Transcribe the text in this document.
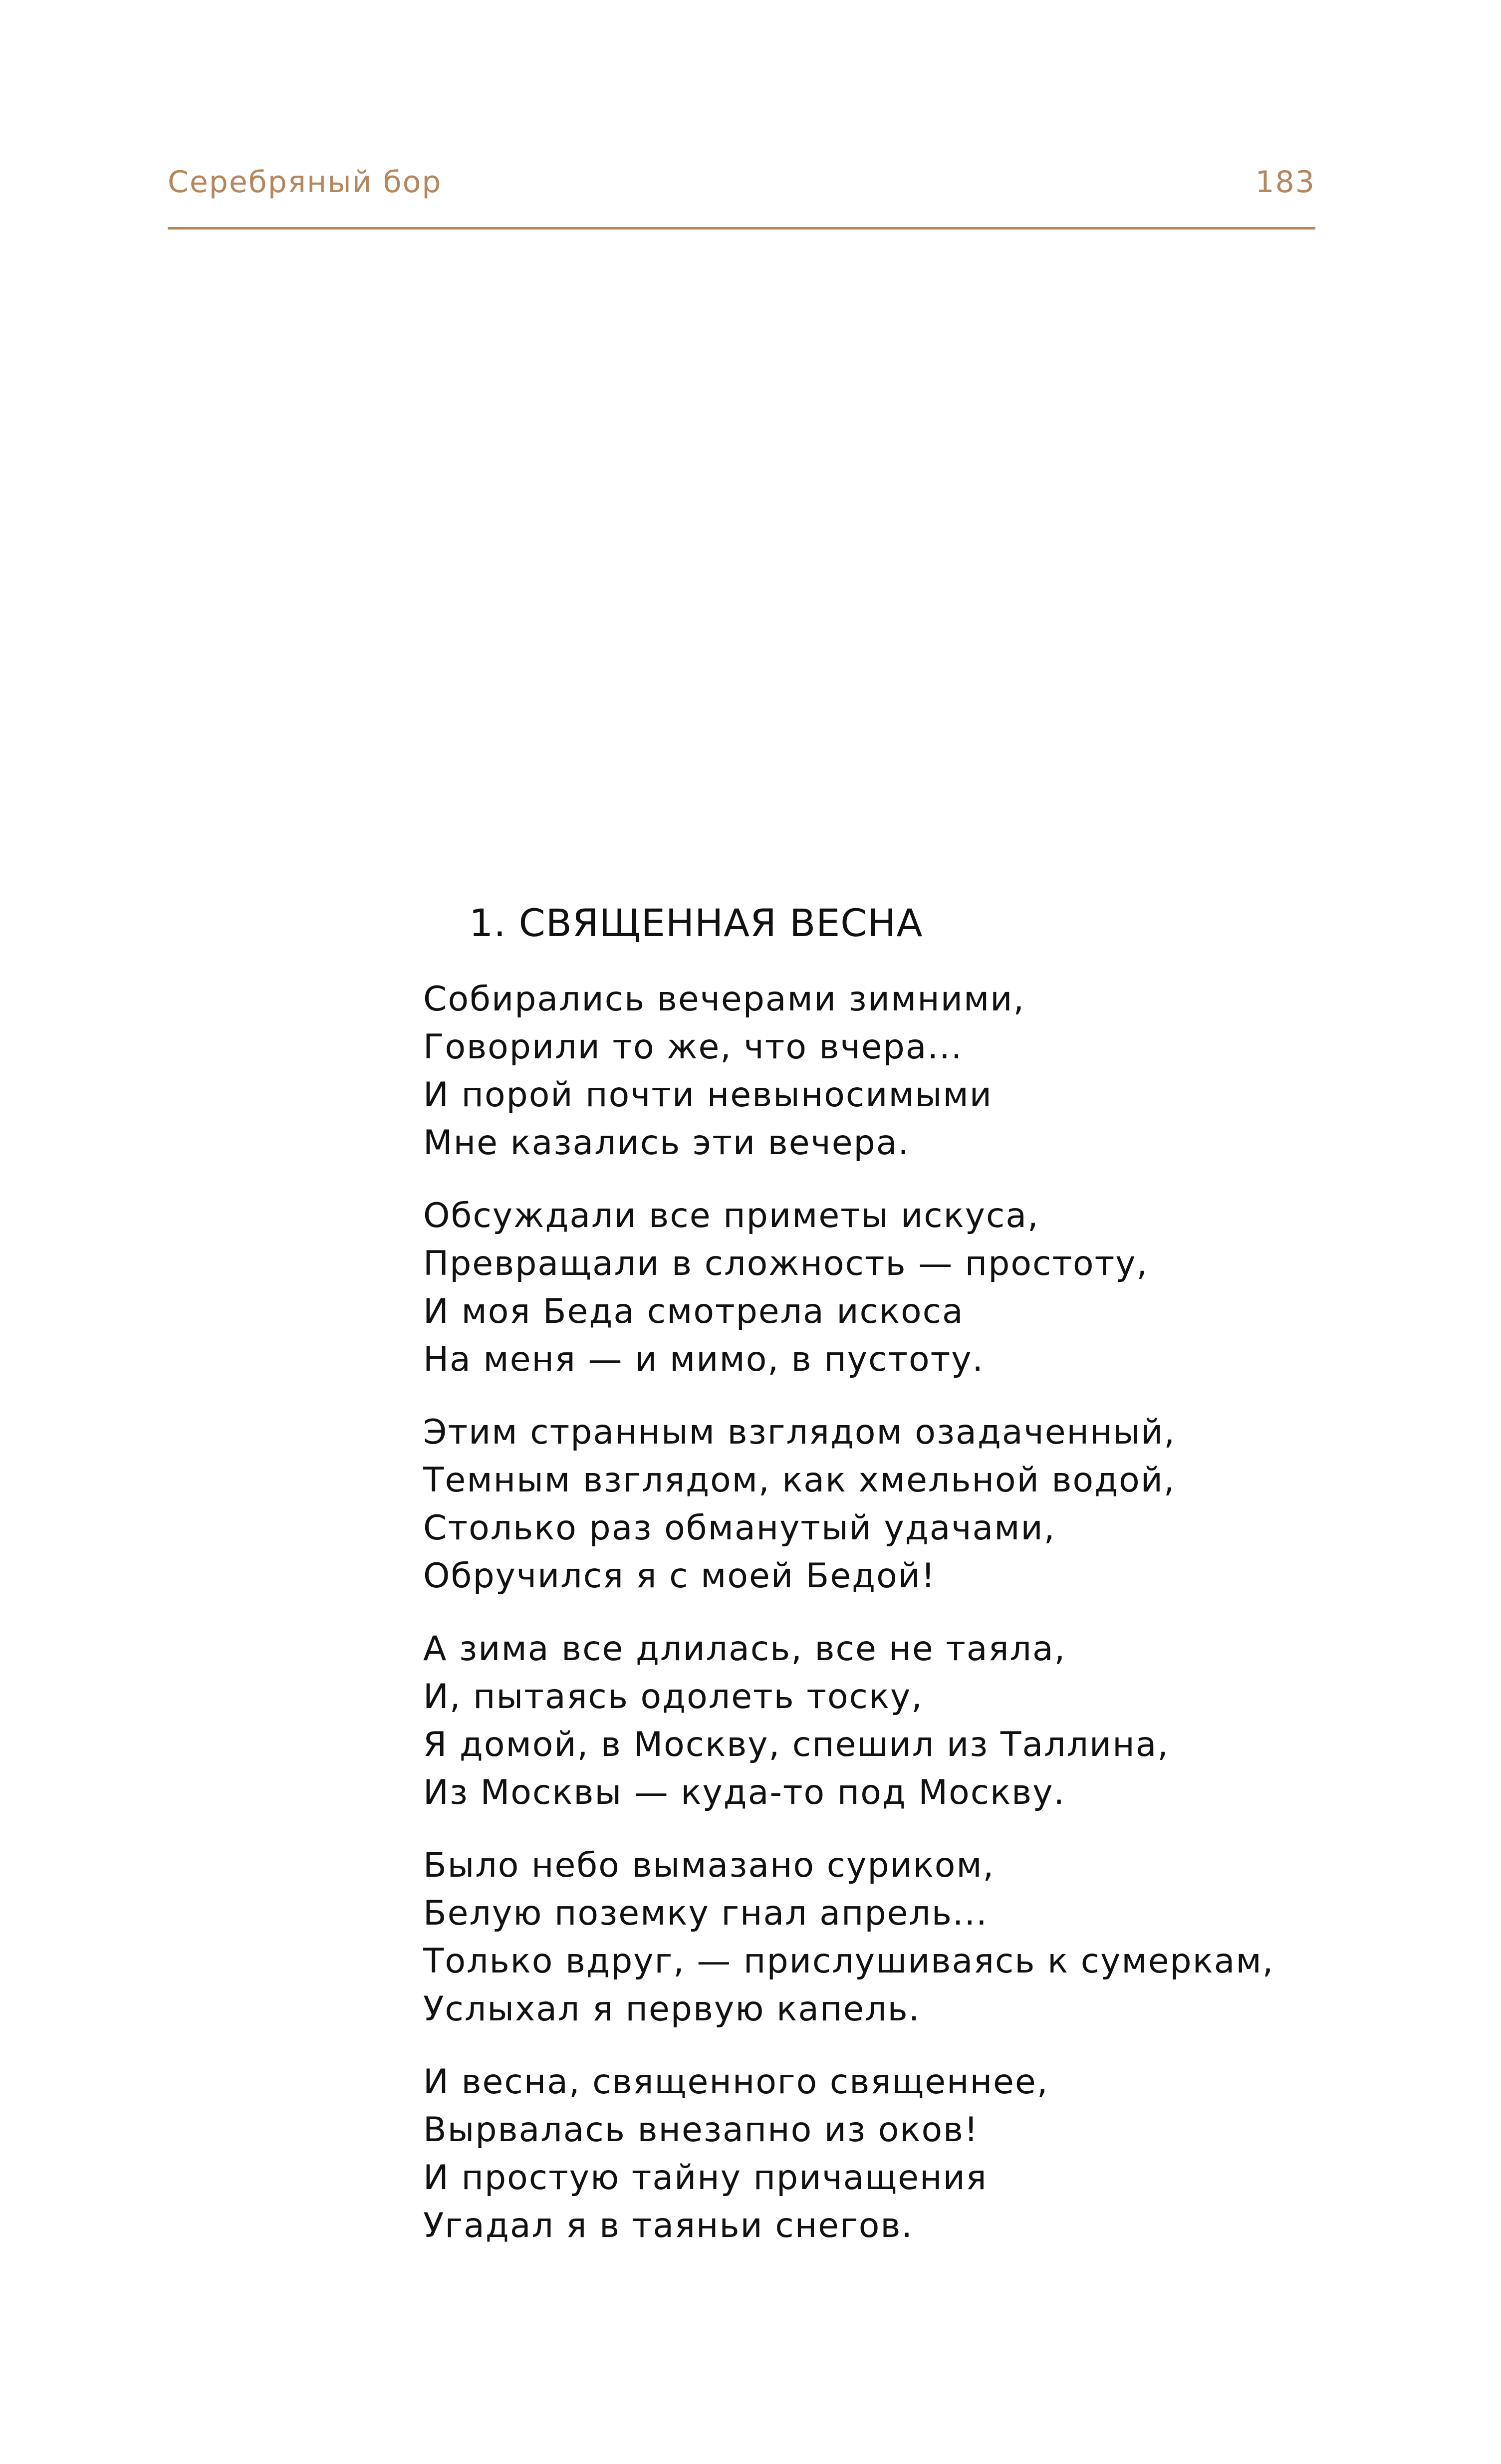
Серебряный бор	183
1. СВЯЩЕННАЯ ВЕСНА
Собирались вечерами зимними,
Говорили то же, что вчера...
И порой почти невыносимыми
Мне казались эти вечера.
Обсуждали все приметы искуса,
Превращали в сложность — простоту,
И моя Беда смотрела искоса
На меня — и мимо, в пустоту.
Этим странным взглядом озадаченный,
Темным взглядом, как хмельной водой,
Столько раз обманутый удачами,
Обручился я с моей Бедой!
А зима все длилась, все не таяла,
И, пытаясь одолеть тоску,
Я домой, в Москву, спешил из Таллина,
Из Москвы — куда-то под Москву.
Было небо вымазано суриком,
Белую поземку гнал апрель...
Только вдруг, — прислушиваясь к сумеркам,
Услыхал я первую капель.
И весна, священного священнее,
Вырвалась внезапно из оков!
И простую тайну причащения
Угадал я в таяньи снегов.
